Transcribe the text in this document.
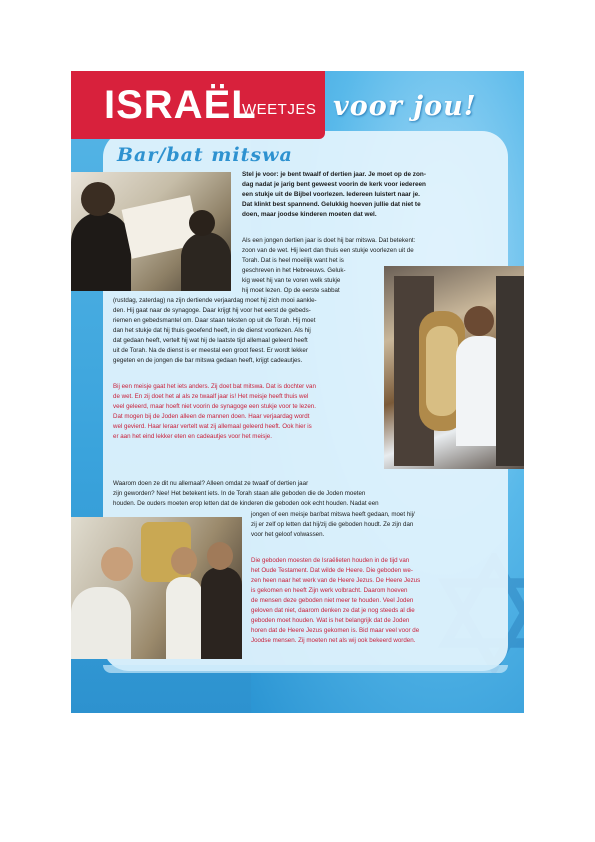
ISRAËL
WEETJES voor jou!
Bar/bat mitswa
Stel je voor: je bent twaalf of dertien jaar. Je moet op de zon-
dag nadat je jarig bent geweest voorin de kerk voor iedereen
een stukje uit de Bijbel voorlezen. Iedereen luistert naar je.
Dat klinkt best spannend. Gelukkig hoeven jullie dat niet te
doen, maar joodse kinderen moeten dat wel.
Als een jongen dertien jaar is doet hij bar mitswa. Dat betekent:
zoon van de wet. Hij leert dan thuis een stukje voorlezen uit de
Torah. Dat is heel moeilijk want het is
geschreven in het Hebreeuws. Geluk-
kig weet hij van te voren welk stukje
hij moet lezen. Op de eerste sabbat
(rustdag, zaterdag) na zijn dertiende verjaardag moet hij zich mooi aankle-
den. Hij gaat naar de synagoge. Daar krijgt hij voor het eerst de gebeds-
riemen en gebedsmantel om. Daar staan teksten op uit de Torah. Hij moet
dan het stukje dat hij thuis geoefend heeft, in de dienst voorlezen. Als hij
dat gedaan heeft, vertelt hij wat hij de laatste tijd allemaal geleerd heeft
uit de Torah. Na de dienst is er meestal een groot feest. Er wordt lekker
gegeten en de jongen die bar mitswa gedaan heeft, krijgt cadeautjes.
Bij een meisje gaat het iets anders. Zij doet bat mitswa. Dat is dochter van
de wet. En zij doet het al als ze twaalf jaar is! Het meisje heeft thuis wel
veel geleerd, maar hoeft niet voorin de synagoge een stukje voor te lezen.
Dat mogen bij de Joden alleen de mannen doen. Haar verjaardag wordt
wel gevierd. Haar leraar vertelt wat zij allemaal geleerd heeft. Ook hier is
er aan het eind lekker eten en cadeautjes voor het meisje.
Waarom doen ze dit nu allemaal? Alleen omdat ze twaalf of dertien jaar
zijn geworden? Nee! Het betekent iets. In de Torah staan alle geboden die de Joden moeten
houden. De ouders moeten erop letten dat de kinderen die geboden ook echt houden. Nadat een
jongen of een meisje bar/bat mitswa heeft gedaan, moet hij/
zij er zelf op letten dat hij/zij die geboden houdt. Ze zijn dan
voor het geloof volwassen.
Die geboden moesten de Israëlieten houden in de tijd van
het Oude Testament. Dat wilde de Heere. Die geboden we-
zen heen naar het werk van de Heere Jezus. De Heere Jezus
is gekomen en heeft Zijn werk volbracht. Daarom hoeven
de mensen deze geboden niet meer te houden. Veel Joden
geloven dat niet, daarom denken ze dat je nog steeds al die
geboden moet houden. Wat is het belangrijk dat de Joden
horen dat de Heere Jezus gekomen is. Bid maar veel voor de
Joodse mensen. Zij moeten net als wij ook bekeerd worden.
